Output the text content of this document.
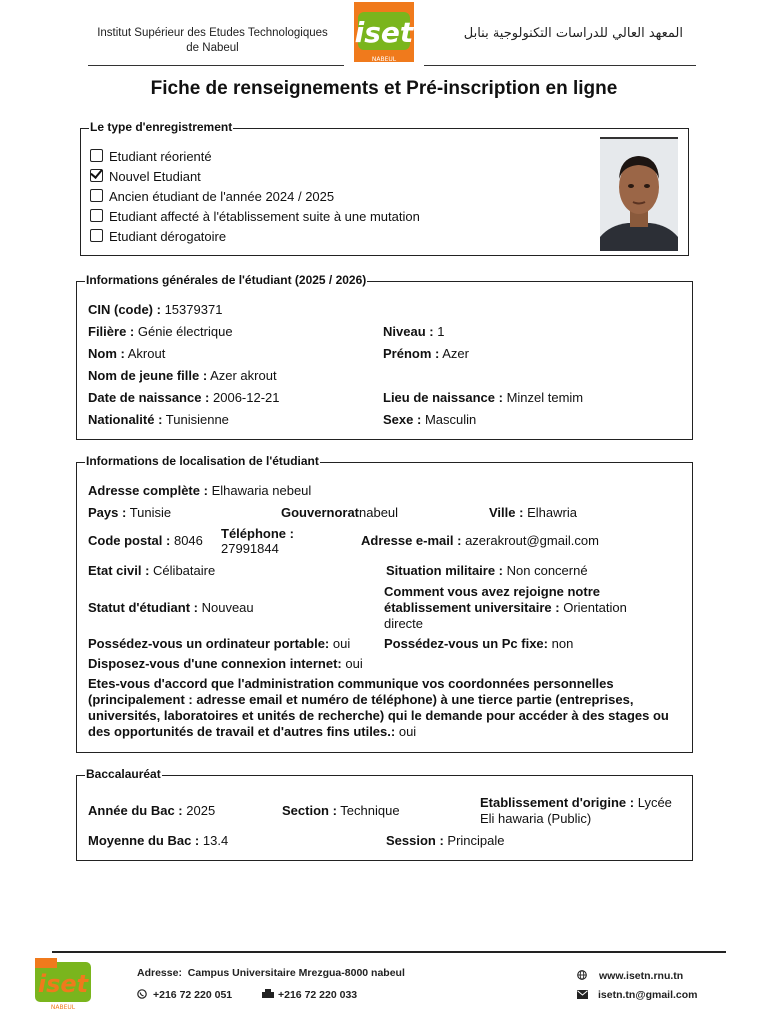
Institut Supérieur des Etudes Technologiques
de Nabeul	iset
NABEUL
المعهد العالي للدراسات التكنولوجية بنابل
Fiche de renseignements et Pré-inscription en ligne
Le type d'enregistrement
Etudiant réorienté
Nouvel Etudiant
Ancien étudiant de l'année 2024 / 2025
Etudiant affecté à l'établissement suite à une mutation
Etudiant dérogatoire
Informations générales de l'étudiant (2025 / 2026)
CIN (code) : 15379371
Filière : Génie électrique	Niveau : 1
Nom : Akrout	Prénom : Azer
Nom de jeune fille : Azer akrout
Date de naissance : 2006-12-21	Lieu de naissance : Minzel temim
Nationalité : Tunisienne	Sexe : Masculin
Informations de localisation de l'étudiant
Adresse complète : Elhawaria nebeul
Pays : Tunisie	Gouvernoratnabeul	Ville : Elhawria
Code postal : 8046 Téléphone :
27991844
Adresse e-mail : azerakrout@gmail.com
Etat civil : Célibataire	Situation militaire : Non concerné
Statut d'étudiant : Nouveau
Comment vous avez rejoigne notre
établissement universitaire : Orientation
directe
Possédez-vous un ordinateur portable: oui	Possédez-vous un Pc fixe: non
Disposez-vous d'une connexion internet: oui
Etes-vous d'accord que l'administration communique vos coordonnées personnelles (principalement : adresse email et numéro de téléphone) à une tierce partie (entreprises, universités, laboratoires et unités de recherche) qui le demande pour accéder à des stages ou des opportunités de travail et d'autres fins utiles.: oui
Baccalauréat
Année du Bac : 2025	Section : Technique
Etablissement d'origine : Lycée
Eli hawaria (Public)
Moyenne du Bac : 13.4	Session : Principale
iset
NABEUL
Adresse: Campus Universitaire Mrezgua-8000 nabeul
+216 72 220 051	+216 72 220 033
www.isetn.rnu.tn
isetn.tn@gmail.com
